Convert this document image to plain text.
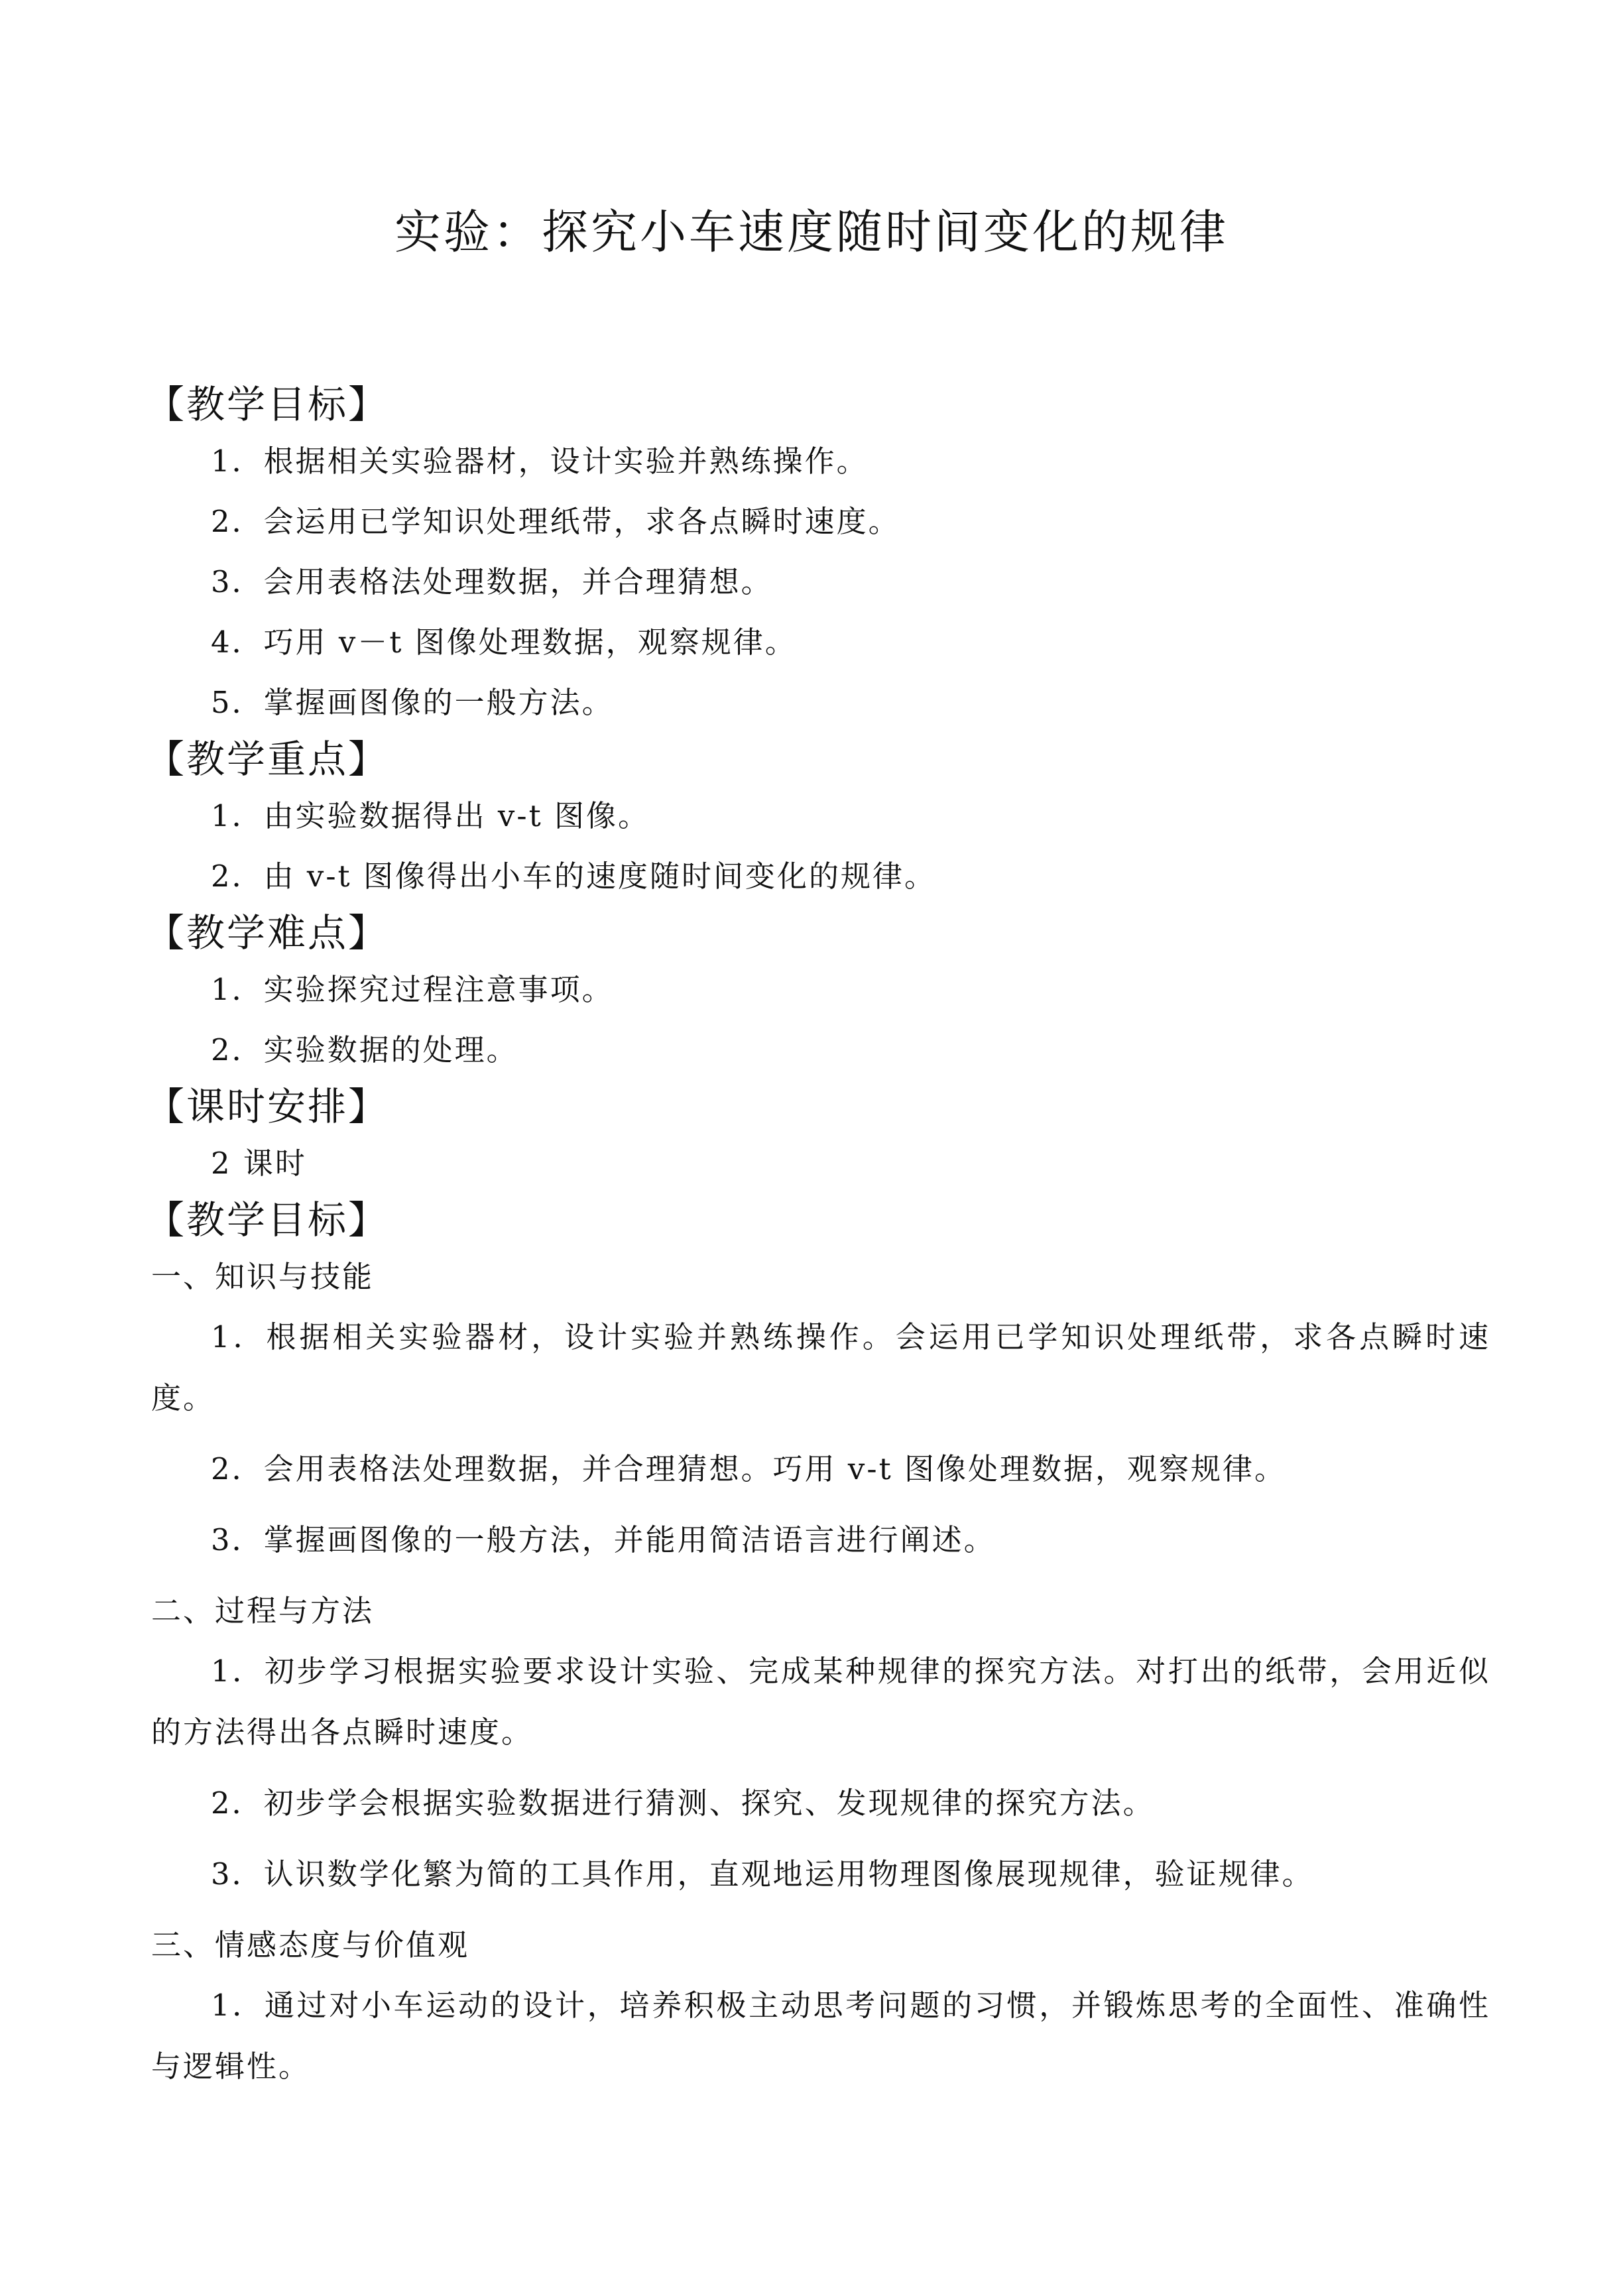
实验：探究小车速度随时间变化的规律
【教学目标】
1．根据相关实验器材，设计实验并熟练操作。
2．会运用已学知识处理纸带，求各点瞬时速度。
3．会用表格法处理数据，并合理猜想。
4．巧用 v－t 图像处理数据，观察规律。
5．掌握画图像的一般方法。
【教学重点】
1．由实验数据得出 v-t 图像。
2．由 v-t 图像得出小车的速度随时间变化的规律。
【教学难点】
1．实验探究过程注意事项。
2．实验数据的处理。
【课时安排】
2 课时
【教学目标】
一、知识与技能
1．根据相关实验器材，设计实验并熟练操作。会运用已学知识处理纸带，求各点瞬时速度。
2．会用表格法处理数据，并合理猜想。巧用 v-t 图像处理数据，观察规律。
3．掌握画图像的一般方法，并能用简洁语言进行阐述。
二、过程与方法
1．初步学习根据实验要求设计实验、完成某种规律的探究方法。对打出的纸带，会用近似的方法得出各点瞬时速度。
2．初步学会根据实验数据进行猜测、探究、发现规律的探究方法。
3．认识数学化繁为简的工具作用，直观地运用物理图像展现规律，验证规律。
三、情感态度与价值观
1．通过对小车运动的设计，培养积极主动思考问题的习惯，并锻炼思考的全面性、准确性与逻辑性。
